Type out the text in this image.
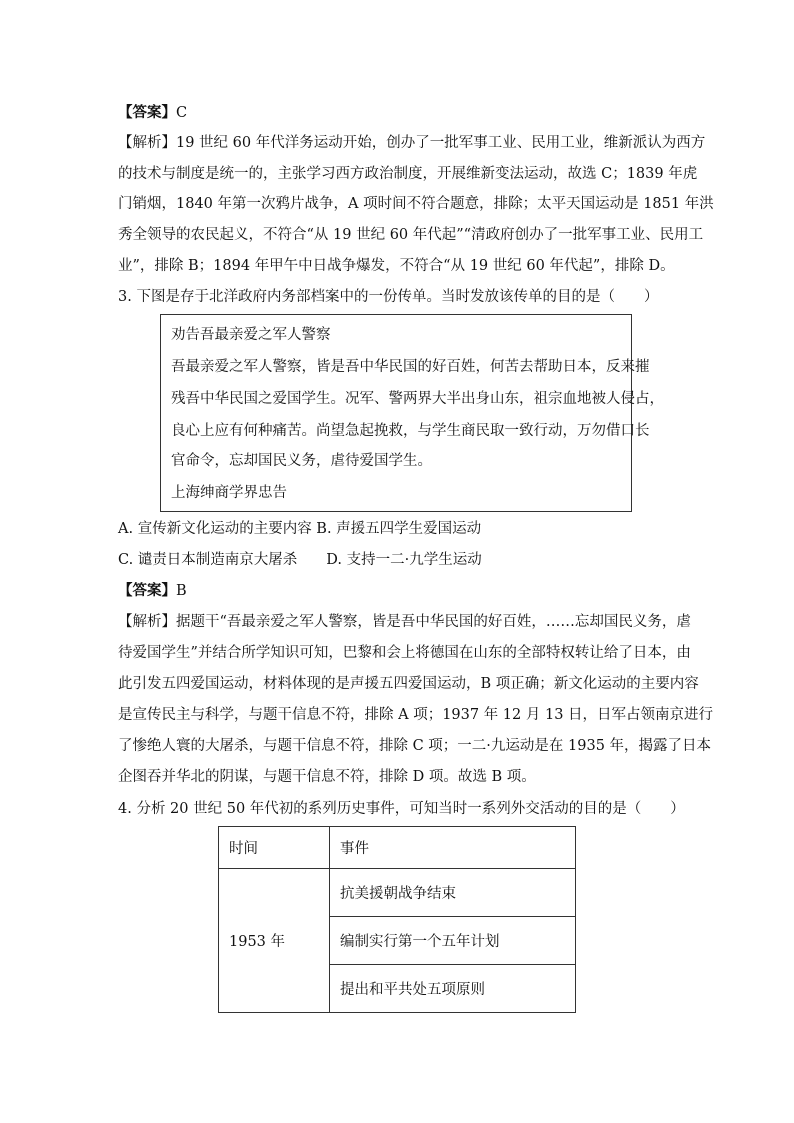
【答案】C
【解析】19 世纪 60 年代洋务运动开始，创办了一批军事工业、民用工业，维新派认为西方
的技术与制度是统一的，主张学习西方政治制度，开展维新变法运动，故选 C；1839 年虎
门销烟，1840 年第一次鸦片战争，A 项时间不符合题意，排除；太平天国运动是 1851 年洪
秀全领导的农民起义，不符合“从 19 世纪 60 年代起”“清政府创办了一批军事工业、民用工
业”，排除 B；1894 年甲午中日战争爆发，不符合“从 19 世纪 60 年代起”，排除 D。
3. 下图是存于北洋政府内务部档案中的一份传单。当时发放该传单的目的是（　　）
劝告吾最亲爱之军人警察
吾最亲爱之军人警察，皆是吾中华民国的好百姓，何苦去帮助日本，反来摧
残吾中华民国之爱国学生。况军、警两界大半出身山东，祖宗血地被人侵占，
良心上应有何种痛苦。尚望急起挽救，与学生商民取一致行动，万勿借口长
官命令，忘却国民义务，虐待爱国学生。
上海绅商学界忠告
A. 宣传新文化运动的主要内容 B. 声援五四学生爱国运动
C. 谴责日本制造南京大屠杀　　D. 支持一二·九学生运动
【答案】B
【解析】据题干“吾最亲爱之军人警察，皆是吾中华民国的好百姓，……忘却国民义务，虐
待爱国学生”并结合所学知识可知，巴黎和会上将德国在山东的全部特权转让给了日本，由
此引发五四爱国运动，材料体现的是声援五四爱国运动，B 项正确；新文化运动的主要内容
是宣传民主与科学，与题干信息不符，排除 A 项；1937 年 12 月 13 日，日军占领南京进行
了惨绝人寰的大屠杀，与题干信息不符，排除 C 项；一二·九运动是在 1935 年，揭露了日本
企图吞并华北的阴谋，与题干信息不符，排除 D 项。故选 B 项。
4. 分析 20 世纪 50 年代初的系列历史事件，可知当时一系列外交活动的目的是（　　）
时间	事件
1953 年	抗美援朝战争结束
	编制实行第一个五年计划
	提出和平共处五项原则
